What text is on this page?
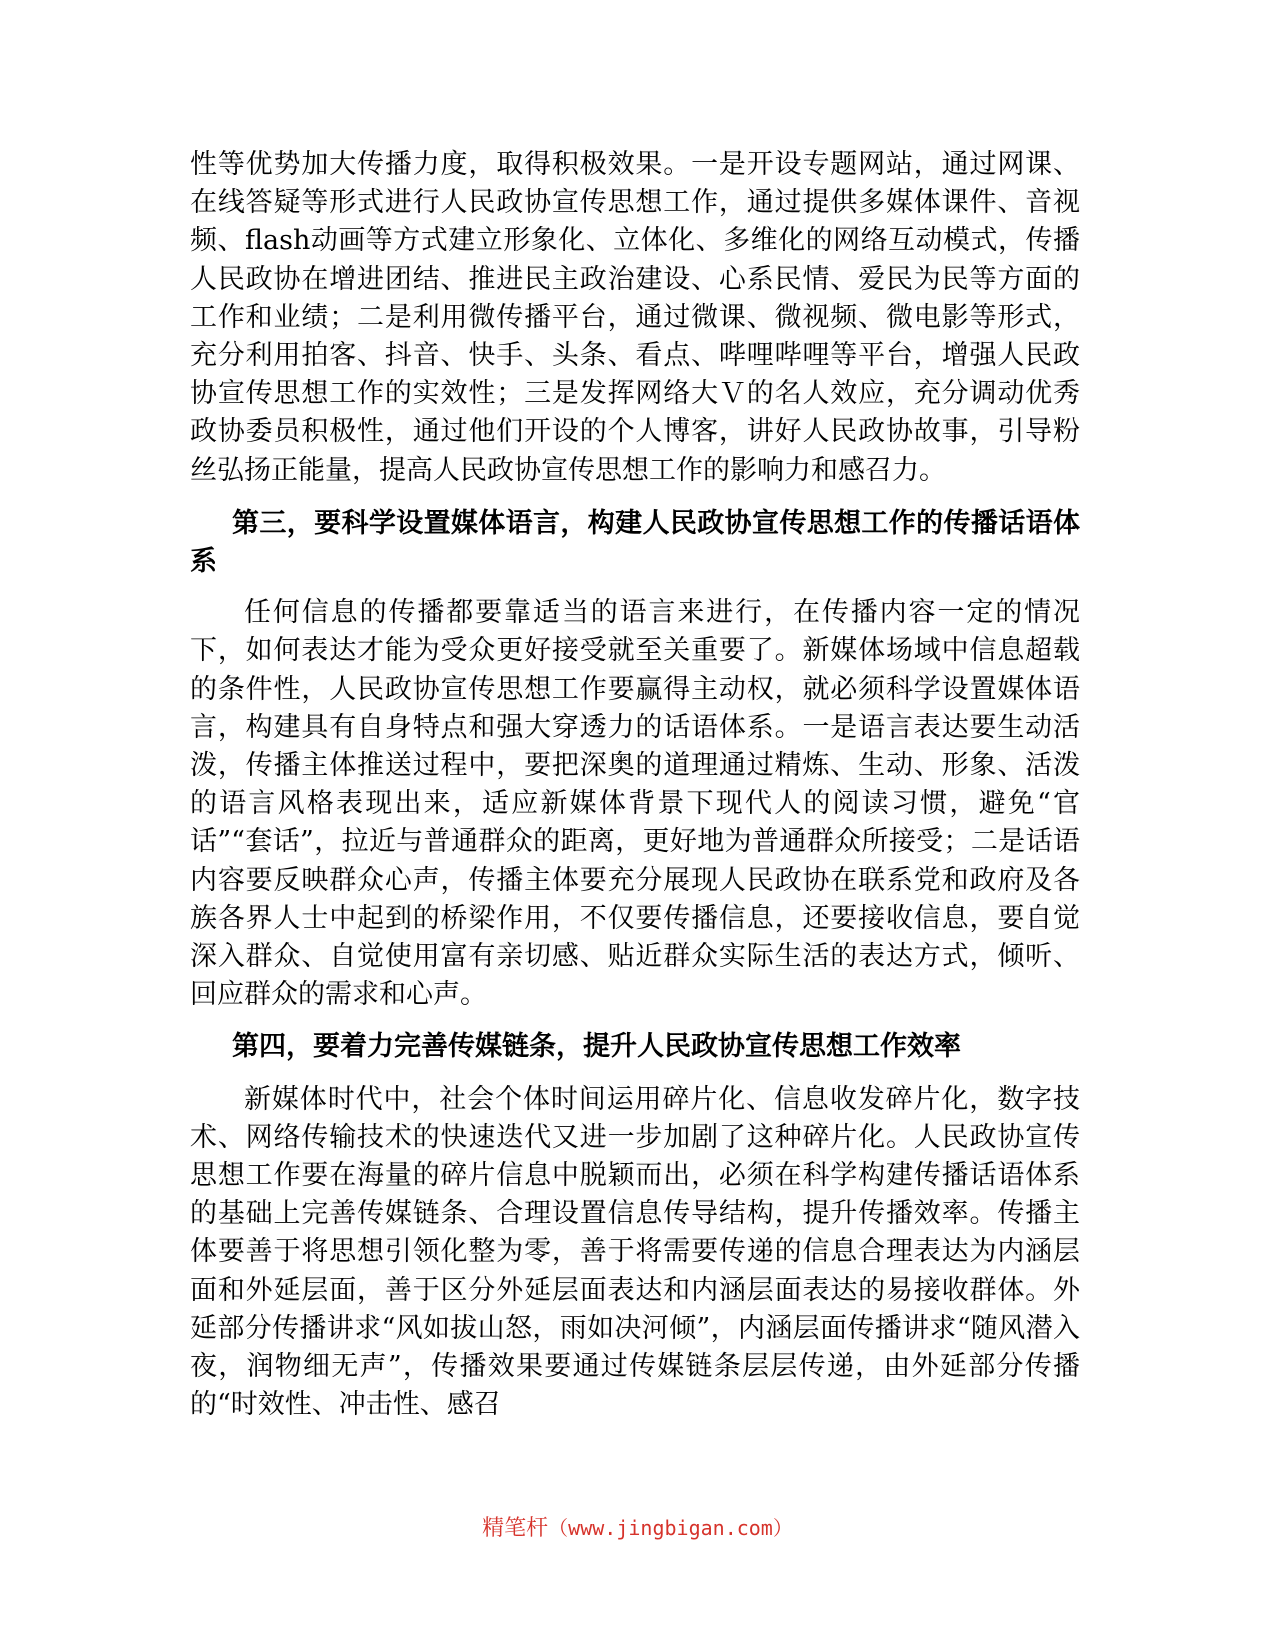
性等优势加大传播力度，取得积极效果。一是开设专题网站，通过网课、在线答疑等形式进行人民政协宣传思想工作，通过提供多媒体课件、音视频、flash动画等方式建立形象化、立体化、多维化的网络互动模式，传播人民政协在增进团结、推进民主政治建设、心系民情、爱民为民等方面的工作和业绩；二是利用微传播平台，通过微课、微视频、微电影等形式，充分利用拍客、抖音、快手、头条、看点、哔哩哔哩等平台，增强人民政协宣传思想工作的实效性；三是发挥网络大Ｖ的名人效应，充分调动优秀政协委员积极性，通过他们开设的个人博客，讲好人民政协故事，引导粉丝弘扬正能量，提高人民政协宣传思想工作的影响力和感召力。

第三，要科学设置媒体语言，构建人民政协宣传思想工作的传播话语体系

任何信息的传播都要靠适当的语言来进行，在传播内容一定的情况下，如何表达才能为受众更好接受就至关重要了。新媒体场域中信息超载的条件性，人民政协宣传思想工作要赢得主动权，就必须科学设置媒体语言，构建具有自身特点和强大穿透力的话语体系。一是语言表达要生动活泼，传播主体推送过程中，要把深奥的道理通过精炼、生动、形象、活泼的语言风格表现出来，适应新媒体背景下现代人的阅读习惯，避免“官话”“套话”，拉近与普通群众的距离，更好地为普通群众所接受；二是话语内容要反映群众心声，传播主体要充分展现人民政协在联系党和政府及各族各界人士中起到的桥梁作用，不仅要传播信息，还要接收信息，要自觉深入群众、自觉使用富有亲切感、贴近群众实际生活的表达方式，倾听、回应群众的需求和心声。

第四，要着力完善传媒链条，提升人民政协宣传思想工作效率

新媒体时代中，社会个体时间运用碎片化、信息收发碎片化，数字技术、网络传输技术的快速迭代又进一步加剧了这种碎片化。人民政协宣传思想工作要在海量的碎片信息中脱颖而出，必须在科学构建传播话语体系的基础上完善传媒链条、合理设置信息传导结构，提升传播效率。传播主体要善于将思想引领化整为零，善于将需要传递的信息合理表达为内涵层面和外延层面，善于区分外延层面表达和内涵层面表达的易接收群体。外延部分传播讲求“风如拔山怒，雨如决河倾”，内涵层面传播讲求“随风潜入夜，润物细无声”，传播效果要通过传媒链条层层传递，由外延部分传播的“时效性、冲击性、感召

精笔杆（www.jingbigan.com）
